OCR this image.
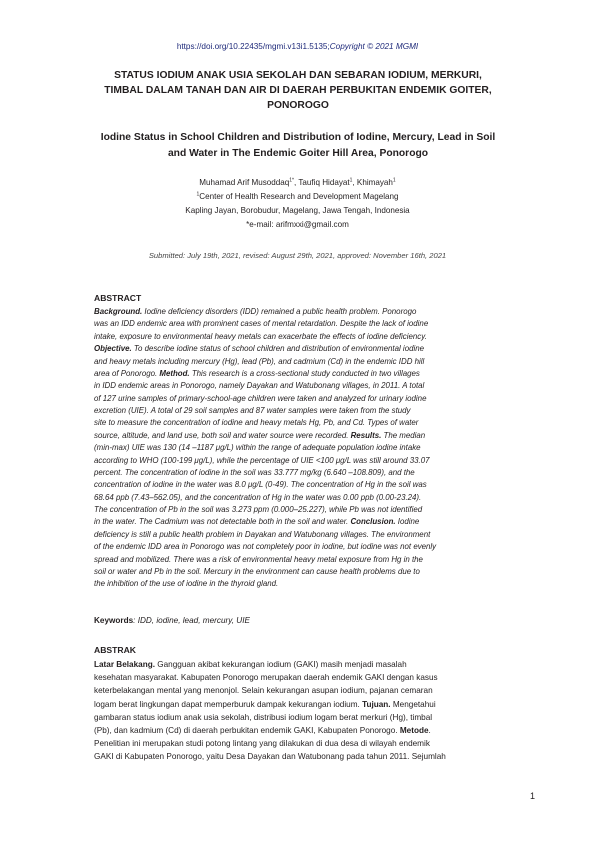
https://doi.org/10.22435/mgmi.v13i1.5135;Copyright © 2021 MGMI
STATUS IODIUM ANAK USIA SEKOLAH DAN SEBARAN IODIUM, MERKURI,
TIMBAL DALAM TANAH DAN AIR DI DAERAH PERBUKITAN ENDEMIK GOITER,
PONOROGO
Iodine Status in School Children and Distribution of Iodine, Mercury, Lead in Soil
and Water in The Endemic Goiter Hill Area, Ponorogo
Muhamad Arif Musoddaq$^{1*}$, Taufiq Hidayat$^1$, Khimayah$^1$
$^1$Center of Health Research and Development Magelang
Kapling Jayan, Borobudur, Magelang, Jawa Tengah, Indonesia
*e-mail: arifmxxi@gmail.com
Submitted: July 19th, 2021, revised: August 29th, 2021, approved: November 16th, 2021
ABSTRACT
Background. Iodine deficiency disorders (IDD) remained a public health problem. Ponorogo
was an IDD endemic area with prominent cases of mental retardation. Despite the lack of iodine
intake, exposure to environmental heavy metals can exacerbate the effects of iodine deficiency.
Objective. To describe iodine status of school children and distribution of environmental iodine
and heavy metals including mercury (Hg), lead (Pb), and cadmium (Cd) in the endemic IDD hill
area of Ponorogo. Method. This research is a cross-sectional study conducted in two villages
in IDD endemic areas in Ponorogo, namely Dayakan and Watubonang villages, in 2011. A total
of 127 urine samples of primary-school-age children were taken and analyzed for urinary iodine
excretion (UIE). A total of 29 soil samples and 87 water samples were taken from the study
site to measure the concentration of iodine and heavy metals Hg, Pb, and Cd. Types of water
source, altitude, and land use, both soil and water source were recorded. Results. The median
(min-max) UIE was 130 (14 –1187 μg/L) within the range of adequate population iodine intake
according to WHO (100-199 μg/L), while the percentage of UIE <100 μg/L was still around 33.07
percent. The concentration of iodine in the soil was 33.777 mg/kg (6.640 –108.809), and the
concentration of iodine in the water was 8.0 μg/L (0-49). The concentration of Hg in the soil was
68.64 ppb (7.43–562.05), and the concentration of Hg in the water was 0.00 ppb (0.00-23.24).
The concentration of Pb in the soil was 3.273 ppm (0.000–25.227), while Pb was not identified
in the water. The Cadmium was not detectable both in the soil and water. Conclusion. Iodine
deficiency is still a public health problem in Dayakan and Watubonang villages. The environment
of the endemic IDD area in Ponorogo was not completely poor in iodine, but iodine was not evenly
spread and mobilized. There was a risk of environmental heavy metal exposure from Hg in the
soil or water and Pb in the soil. Mercury in the environment can cause health problems due to
the inhibition of the use of iodine in the thyroid gland.
Keywords: IDD, iodine, lead, mercury, UIE
ABSTRAK
Latar Belakang. Gangguan akibat kekurangan iodium (GAKI) masih menjadi masalah
kesehatan masyarakat. Kabupaten Ponorogo merupakan daerah endemik GAKI dengan kasus
keterbelakangan mental yang menonjol. Selain kekurangan asupan iodium, pajanan cemaran
logam berat lingkungan dapat memperburuk dampak kekurangan iodium. Tujuan. Mengetahui
gambaran status iodium anak usia sekolah, distribusi iodium logam berat merkuri (Hg), timbal
(Pb), dan kadmium (Cd) di daerah perbukitan endemik GAKI, Kabupaten Ponorogo. Metode.
Penelitian ini merupakan studi potong lintang yang dilakukan di dua desa di wilayah endemik
GAKI di Kabupaten Ponorogo, yaitu Desa Dayakan dan Watubonang pada tahun 2011. Sejumlah
1
